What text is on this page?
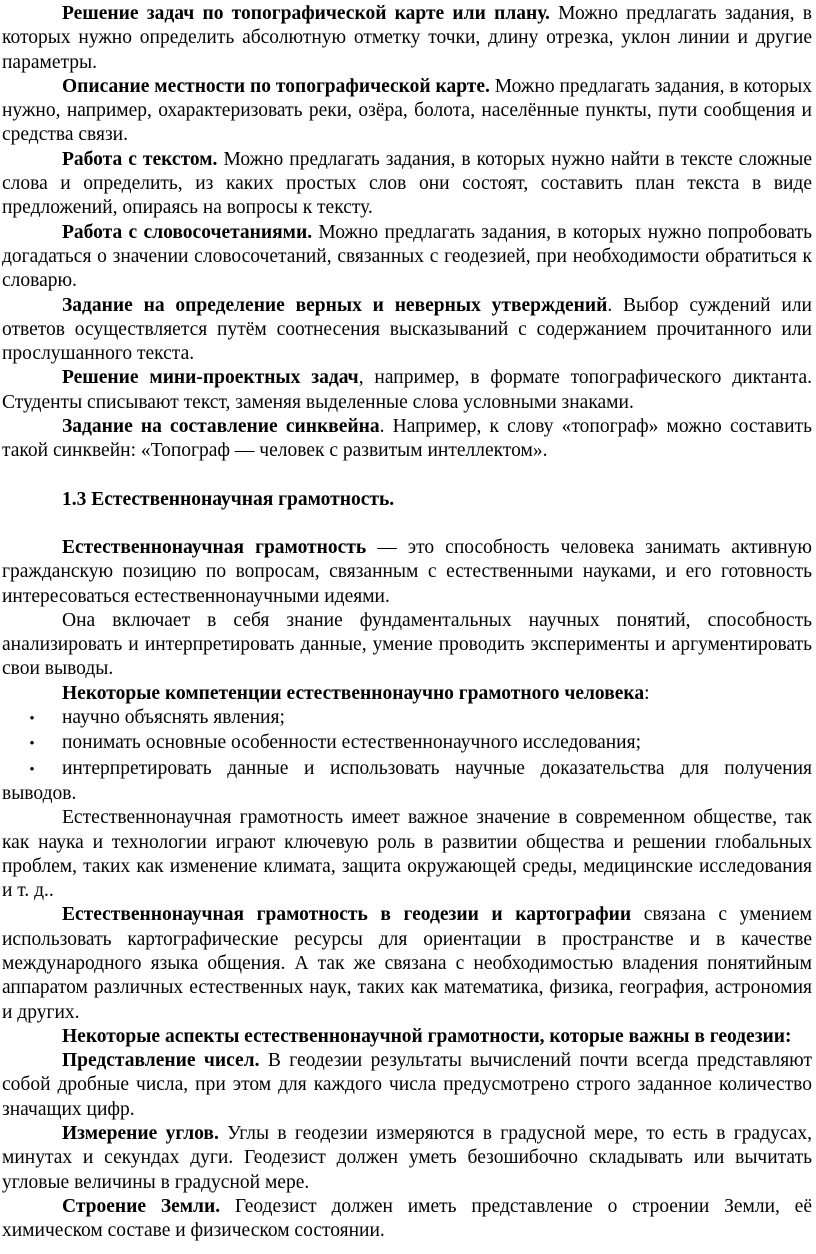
Решение задач по топографической карте или плану. Можно предлагать задания, в которых нужно определить абсолютную отметку точки, длину отрезка, уклон линии и другие параметры.

Описание местности по топографической карте. Можно предлагать задания, в которых нужно, например, охарактеризовать реки, озёра, болота, населённые пункты, пути сообщения и средства связи.

Работа с текстом. Можно предлагать задания, в которых нужно найти в тексте сложные слова и определить, из каких простых слов они состоят, составить план текста в виде предложений, опираясь на вопросы к тексту.

Работа с словосочетаниями. Можно предлагать задания, в которых нужно попробовать догадаться о значении словосочетаний, связанных с геодезией, при необходимости обратиться к словарю.

Задание на определение верных и неверных утверждений. Выбор суждений или ответов осуществляется путём соотнесения высказываний с содержанием прочитанного или прослушанного текста.

Решение мини-проектных задач, например, в формате топографического диктанта. Студенты списывают текст, заменяя выделенные слова условными знаками.

Задание на составление синквейна. Например, к слову «топограф» можно составить такой синквейн: «Топограф — человек с развитым интеллектом».

1.3 Естественнонаучная грамотность.

Естественнонаучная грамотность — это способность человека занимать активную гражданскую позицию по вопросам, связанным с естественными науками, и его готовность интересоваться естественнонаучными идеями.

Она включает в себя знание фундаментальных научных понятий, способность анализировать и интерпретировать данные, умение проводить эксперименты и аргументировать свои выводы.

Некоторые компетенции естественнонаучно грамотного человека:

•	научно объяснять явления;
•	понимать основные особенности естественнонаучного исследования;

• интерпретировать данные и использовать научные доказательства для получения выводов.

Естественнонаучная грамотность имеет важное значение в современном обществе, так как наука и технологии играют ключевую роль в развитии общества и решении глобальных проблем, таких как изменение климата, защита окружающей среды, медицинские исследования и т. д..

Естественнонаучная грамотность в геодезии и картографии связана с умением использовать картографические ресурсы для ориентации в пространстве и в качестве международного языка общения. А так же связана с необходимостью владения понятийным аппаратом различных естественных наук, таких как математика, физика, география, астрономия и других.

Некоторые аспекты естественнонаучной грамотности, которые важны в геодезии:

Представление чисел. В геодезии результаты вычислений почти всегда представляют собой дробные числа, при этом для каждого числа предусмотрено строго заданное количество значащих цифр.

Измерение углов. Углы в геодезии измеряются в градусной мере, то есть в градусах, минутах и секундах дуги. Геодезист должен уметь безошибочно складывать или вычитать угловые величины в градусной мере.

Строение Земли. Геодезист должен иметь представление о строении Земли, её химическом составе и физическом состоянии.
